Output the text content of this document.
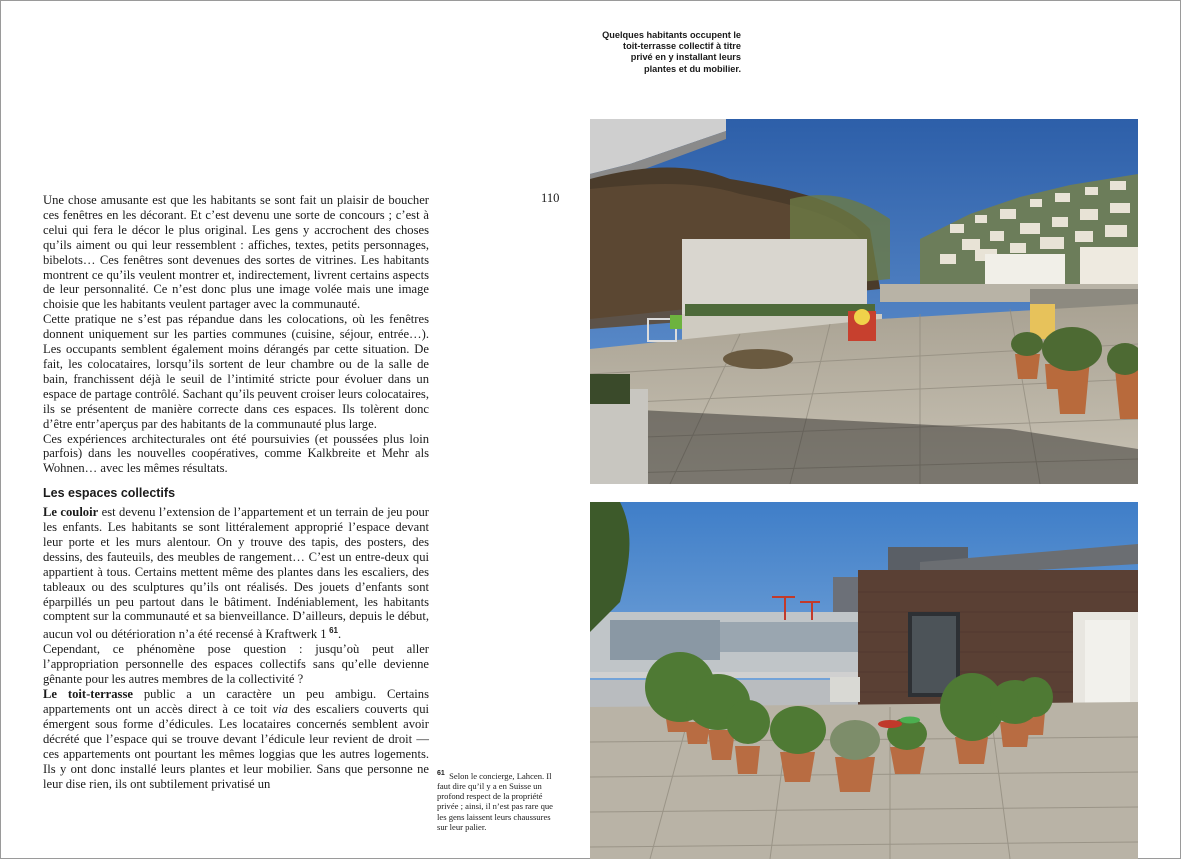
Une chose amusante est que les habitants se sont fait un plaisir de boucher ces fenêtres en les décorant. Et c’est devenu une sorte de concours ; c’est à celui qui fera le décor le plus original. Les gens y accrochent des choses qu’ils aiment ou qui leur ressemblent : affiches, textes, petits personnages, bibelots… Ces fenêtres sont devenues des sortes de vitrines. Les habitants montrent ce qu’ils veulent montrer et, indirectement, livrent certains aspects de leur personnalité. Ce n’est donc plus une image volée mais une image choisie que les habitants veulent partager avec la communauté.

Cette pratique ne s’est pas répandue dans les colocations, où les fenêtres donnent uniquement sur les parties communes (cuisine, séjour, entrée…). Les occupants semblent également moins dérangés par cette situation. De fait, les colocataires, lorsqu’ils sortent de leur chambre ou de la salle de bain, franchissent déjà le seuil de l’intimité stricte pour évoluer dans un espace de partage contrôlé. Sachant qu’ils peuvent croiser leurs colocataires, ils se présentent de manière correcte dans ces espaces. Ils tolèrent donc d’être entr’aperçus par des habitants de la communauté plus large.

Ces expériences architecturales ont été poursuivies (et poussées plus loin parfois) dans les nouvelles coopératives, comme Kalkbreite et Mehr als Wohnen… avec les mêmes résultats.

Les espaces collectifs

Le couloir est devenu l’extension de l’appartement et un terrain de jeu pour les enfants. Les habitants se sont littéralement approprié l’espace devant leur porte et les murs alentour. On y trouve des tapis, des posters, des dessins, des fauteuils, des meubles de rangement… C’est un entre-deux qui appartient à tous. Certains mettent même des plantes dans les escaliers, des tableaux ou des sculptures qu’ils ont réalisés. Des jouets d’enfants sont éparpillés un peu partout dans le bâtiment. Indéniablement, les habitants comptent sur la communauté et sa bienveillance. D’ailleurs, depuis le début, aucun vol ou détérioration n’a été recensé à Kraftwerk 1  $^{61}$.

Cependant, ce phénomène pose question : jusqu’où peut aller l’appropriation personnelle des espaces collectifs sans qu’elle devienne gênante pour les autres membres de la collectivité ?

Le toit-terrasse public a un caractère un peu ambigu. Certains appartements ont un accès direct à ce toit via des escaliers couverts qui émergent sous forme d’édicules. Les locataires concernés semblent avoir décrété que l’espace qui se trouve devant l’édicule leur revient de droit — ces appartements ont pourtant les mêmes loggias que les autres logements. Ils y ont donc installé leurs plantes et leur mobilier. Sans que personne ne leur dise rien, ils ont subtilement privatisé un

110
Quelques habitants occupent le toit-terrasse collectif à titre privé en y installant leurs plantes et du mobilier.
$^{61}$ Selon le concierge, Lahcen. Il faut dire qu’il y a en Suisse un profond respect de la propriété privée ; ainsi, il n’est pas rare que les gens laissent leurs chaussures sur leur palier.
